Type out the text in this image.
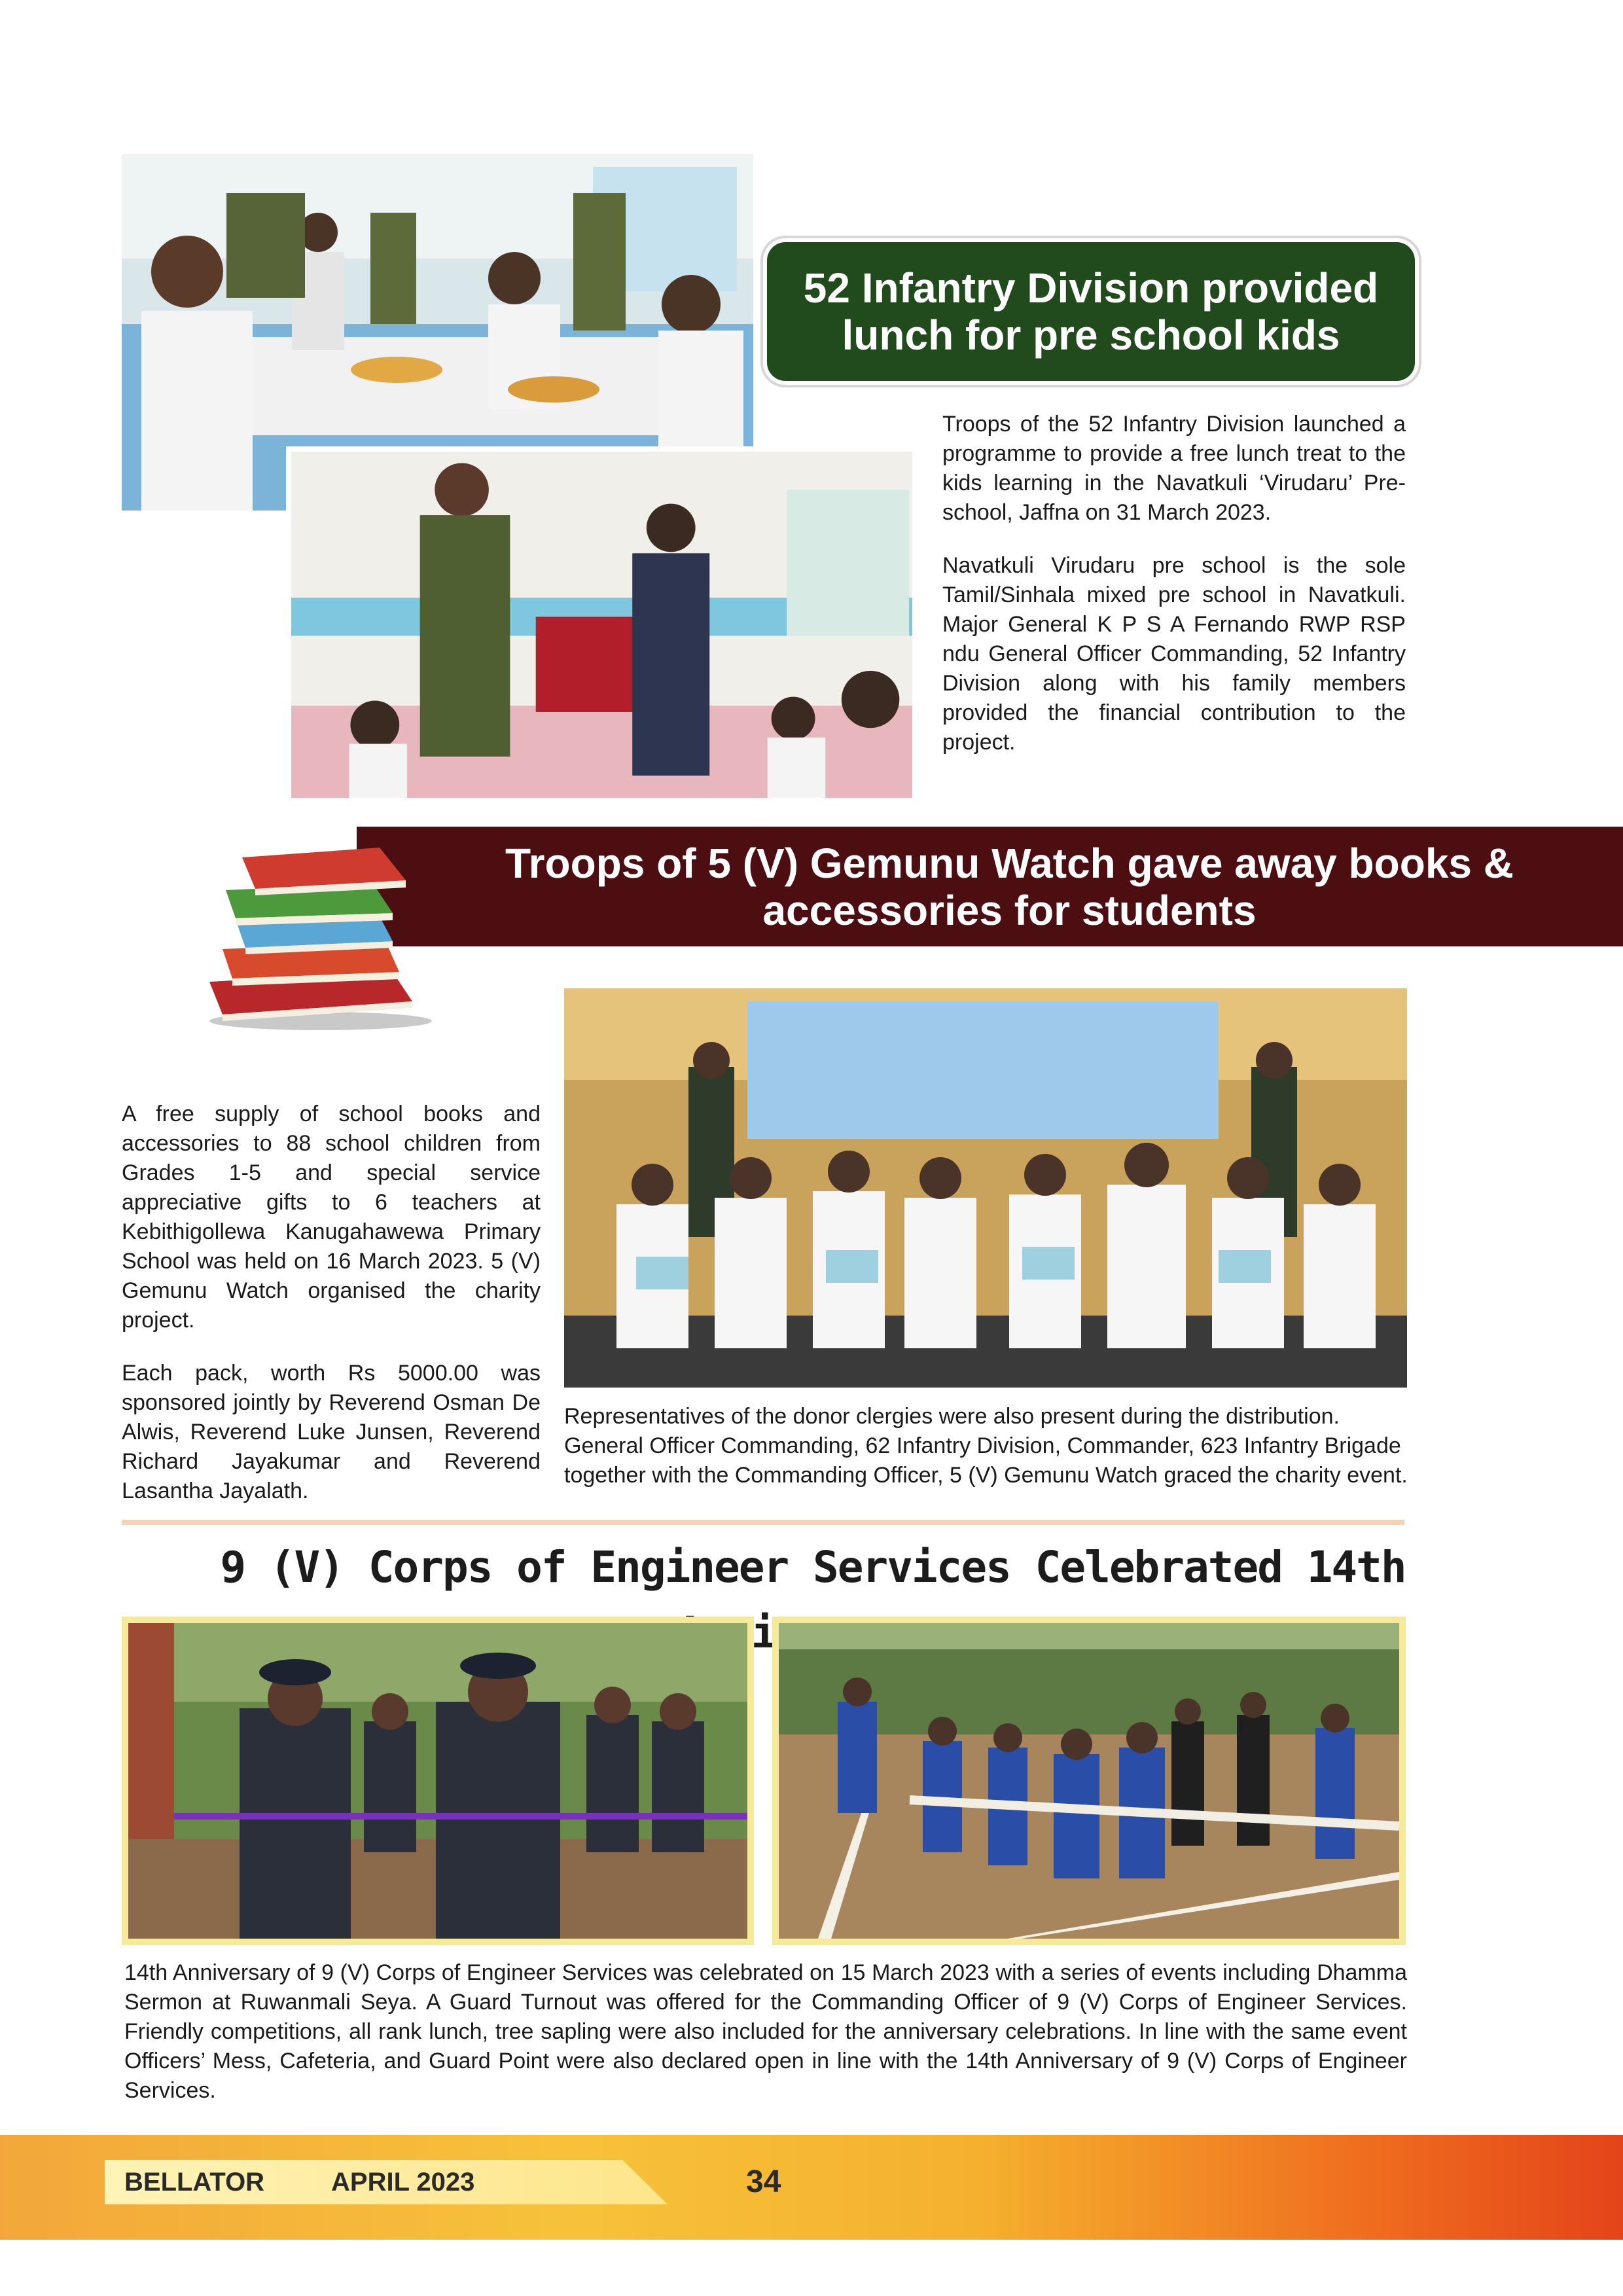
52 Infantry Division provided lunch for pre school kids

Troops of the 52 Infantry Division launched a programme to provide a free lunch treat to the kids learning in the Navatkuli ‘Virudaru’ Pre-school, Jaffna on 31 March 2023.

Navatkuli Virudaru pre school is the sole Tamil/Sinhala mixed pre school in Navatkuli. Major General K P S A Fernando RWP RSP ndu General Officer Commanding, 52 Infantry Division along with his family members provided the financial contribution to the project.

Troops of 5 (V) Gemunu Watch gave away books & accessories for students

A free supply of school books and accessories to 88 school children from Grades 1-5 and special service appreciative gifts to 6 teachers at Kebithigollewa Kanugahawewa Primary School was held on 16 March 2023. 5 (V) Gemunu Watch organised the charity project.

Each pack, worth Rs 5000.00 was sponsored jointly by Reverend Osman De Alwis, Reverend Luke Junsen, Reverend Richard Jayakumar and Reverend Lasantha Jayalath.

Representatives of the donor clergies were also present during the distribution. General Officer Commanding, 62 Infantry Division, Commander, 623 Infantry Brigade together with the Commanding Officer, 5 (V) Gemunu Watch graced the charity event.
9 (V) Corps of Engineer Services Celebrated 14th
14th Anniversary of 9 (V) Corps of Engineer Services was celebrated on 15 March 2023 with a series of events including Dhamma Sermon at Ruwanmali Seya. A Guard Turnout was offered for the Commanding Officer of 9 (V) Corps of Engineer Services. Friendly competitions, all rank lunch, tree sapling were also included for the anniversary celebrations. In line with the same event Officers’ Mess, Cafeteria, and Guard Point were also declared open in line with the 14th Anniversary of 9 (V) Corps of Engineer Services.
BELLATOR	APRIL 2023	34
